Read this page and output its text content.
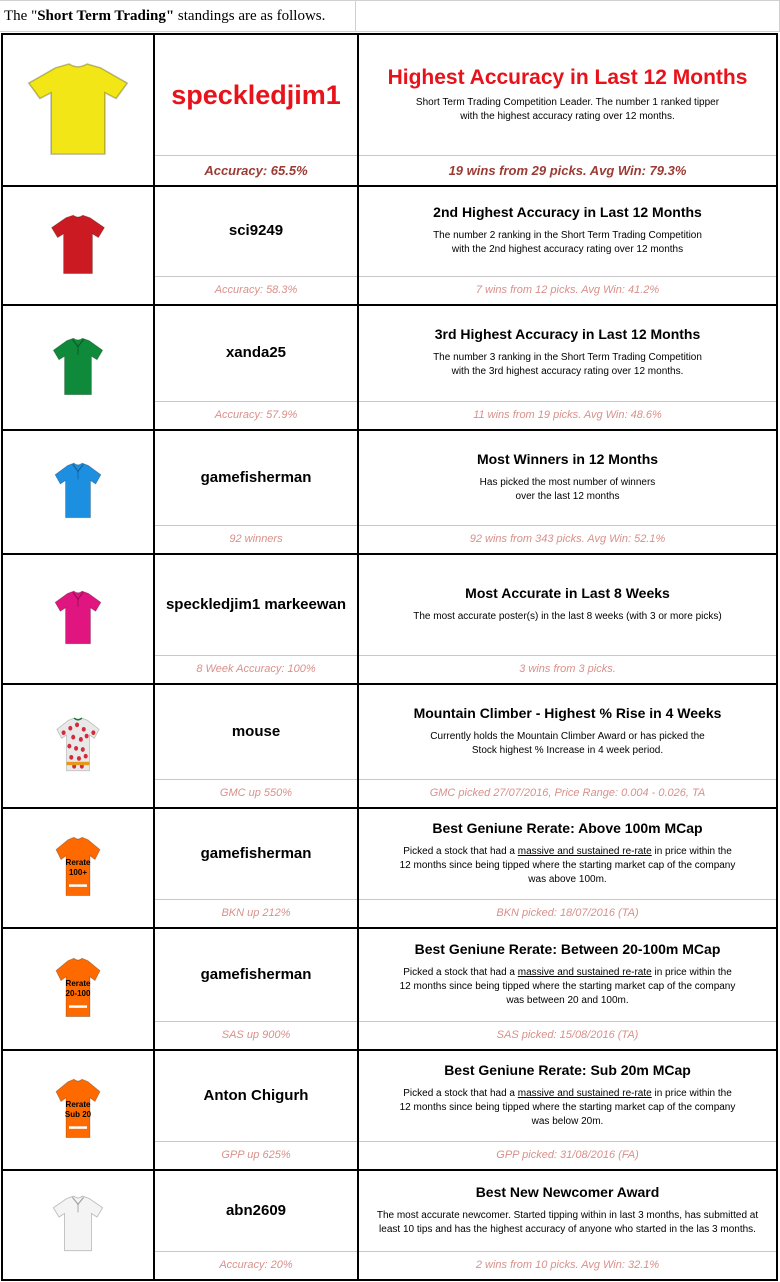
The "Short Term Trading" standings are as follows.
speckledjim1
Accuracy: 65.5%
Highest Accuracy in Last 12 Months
Short Term Trading Competition Leader. The number 1 ranked tipper
with the highest accuracy rating over 12 months.
19 wins from 29 picks. Avg Win: 79.3%
sci9249
Accuracy: 58.3%
2nd Highest Accuracy in Last 12 Months
The number 2 ranking in the Short Term Trading Competition
with the 2nd highest accuracy rating over 12 months
7 wins from 12 picks. Avg Win: 41.2%
xanda25
Accuracy: 57.9%
3rd Highest Accuracy in Last 12 Months
The number 3 ranking in the Short Term Trading Competition
with the 3rd highest accuracy rating over 12 months.
11 wins from 19 picks. Avg Win: 48.6%
gamefisherman
92 winners
Most Winners in 12 Months
Has picked the most number of winners
over the last 12 months
92 wins from 343 picks. Avg Win: 52.1%
speckledjim1 markeewan
8 Week Accuracy: 100%
Most Accurate in Last 8 Weeks
The most accurate poster(s) in the last 8 weeks (with 3 or more picks)
3 wins from 3 picks.
mouse
GMC up 550%
Mountain Climber - Highest % Rise in 4 Weeks
Currently holds the Mountain Climber Award or has picked the
Stock highest % Increase in 4 week period.
GMC picked 27/07/2016, Price Range: 0.004 - 0.026, TA
Rerate
100+
gamefisherman
BKN up 212%
Best Geniune Rerate: Above 100m MCap
Picked a stock that had a massive and sustained re-rate in price within the
12 months since being tipped where the starting market cap of the company
was above 100m.
BKN picked: 18/07/2016 (TA)
Rerate
20-100
gamefisherman
SAS up 900%
Best Geniune Rerate: Between 20-100m MCap
Picked a stock that had a massive and sustained re-rate in price within the
12 months since being tipped where the starting market cap of the company
was between 20 and 100m.
SAS picked: 15/08/2016 (TA)
Rerate
Sub 20
Anton Chigurh
GPP up 625%
Best Geniune Rerate: Sub 20m MCap
Picked a stock that had a massive and sustained re-rate in price within the
12 months since being tipped where the starting market cap of the company
was below 20m.
GPP picked: 31/08/2016 (FA)
abn2609
Accuracy: 20%
Best New Newcomer Award
The most accurate newcomer. Started tipping within in last 3 months, has submitted at
least 10 tips and has the highest accuracy of anyone who started in the las 3 months.
2 wins from 10 picks. Avg Win: 32.1%
